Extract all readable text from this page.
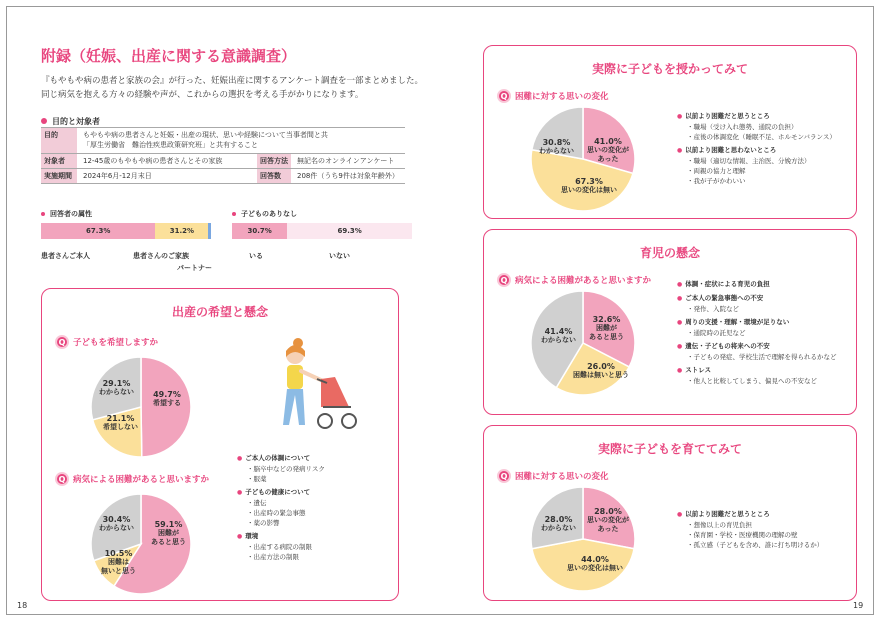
附録（妊娠、出産に関する意識調査）
『もやもや病の患者と家族の会』が行った、妊娠出産に関するアンケート調査を一部まとめました。
同じ病気を抱える方々の経験や声が、これからの選択を考える手がかりになります。
目的と対象者
目的	もやもや病の患者さんと妊娠・出産の現状、思いや経験について当事者間と共
「厚生労働省　難治性疾患政策研究班」と共有すること
対象者	12-45歳のもやもや病の患者さんとその家族	回答方法	無記名のオンラインアンケート
実施期間	2024年6月-12月末日	回答数	208件（うち9件は対象年齢外）
回答者の属性
67.3%	31.2%
患者さんご本人	患者さんのご家族
パートナー
子どものありなし
30.7%	69.3%
いる	いない
出産の希望と懸念
Q 子どもを希望しますか
49.7%
希望する
21.1%
希望しない
29.1%
わからない
Q 病気による困難があると思いますか
59.1%
困難が
あると思う
10.5%
困難は
無いと思う
30.4%
わからない
● ご本人の体調について
・脳卒中などの発病リスク
・服薬
● 子どもの健康について
・遺伝
・出産時の緊急事態
・薬の影響
● 環境
・出産する病院の制限
・出産方法の制限
18
実際に子どもを授かってみて
Q 困難に対する思いの変化
41.0%
思いの変化が
あった
67.3%
思いの変化は無い
30.8%
わからない
● 以前より困難だと思うところ
・職場（受け入れ態勢、通院の負担）
・産後の体調変化（睡眠不足、ホルモンバランス）
● 以前より困難と思わないところ
・職場（適切な情報、主治医、分娩方法）
・両親の協力と理解
・我が子がかわいい
育児の懸念
Q 病気による困難があると思いますか
32.6%
困難が
あると思う
26.0%
困難は無いと思う
41.4%
わからない
● 体調・症状による育児の負担
● ご本人の緊急事態への不安
・発作、入院など
● 周りの支援・理解・環境が足りない
・通院時の託児など
● 遺伝・子どもの将来への不安
・子どもの発症、学校生活で理解を得られるかなど
● ストレス
・他人と比較してしまう、偏見への不安など
実際に子どもを育ててみて
Q 困難に対する思いの変化
28.0%
思いの変化が
あった
44.0%
思いの変化は無い
28.0%
わからない
● 以前より困難だと思うところ
・想像以上の育児負担
・保育園・学校・医療機関の理解の壁
・孤立感（子どもを含め、誰に打ち明けるか）
19
